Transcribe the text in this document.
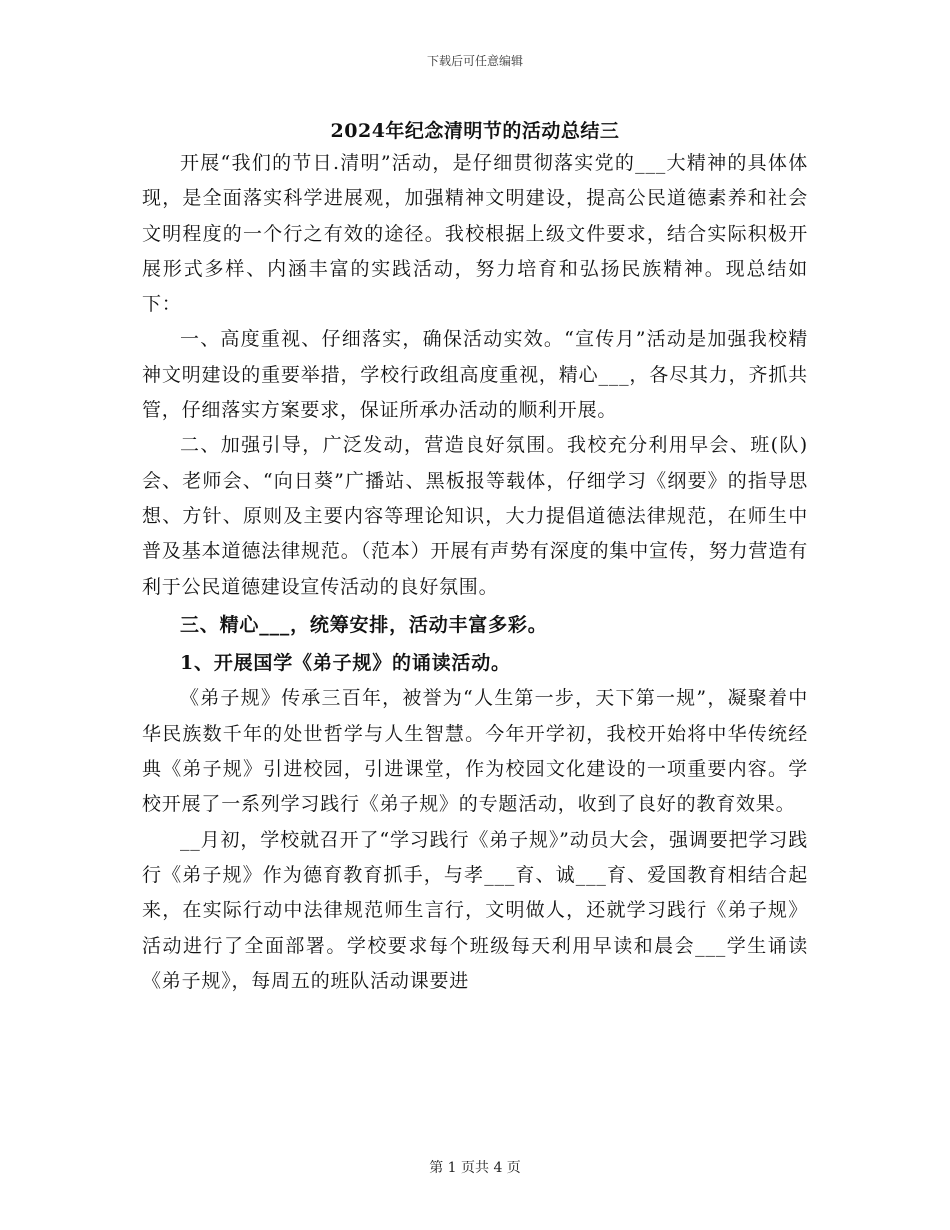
下载后可任意编辑
2024年纪念清明节的活动总结三

开展“我们的节日.清明”活动，是仔细贯彻落实党的___大精神的具体体现，是全面落实科学进展观，加强精神文明建设，提高公民道德素养和社会文明程度的一个行之有效的途径。我校根据上级文件要求，结合实际积极开展形式多样、内涵丰富的实践活动，努力培育和弘扬民族精神。现总结如下：

一、高度重视、仔细落实，确保活动实效。“宣传月”活动是加强我校精神文明建设的重要举措，学校行政组高度重视，精心___，各尽其力，齐抓共管，仔细落实方案要求，保证所承办活动的顺利开展。

二、加强引导，广泛发动，营造良好氛围。我校充分利用早会、班(队)会、老师会、“向日葵”广播站、黑板报等载体，仔细学习《纲要》的指导思想、方针、原则及主要内容等理论知识，大力提倡道德法律规范，在师生中普及基本道德法律规范。（范本）开展有声势有深度的集中宣传，努力营造有利于公民道德建设宣传活动的良好氛围。

三、精心___，统筹安排，活动丰富多彩。

1、开展国学《弟子规》的诵读活动。

《弟子规》传承三百年，被誉为“人生第一步，天下第一规”，凝聚着中华民族数千年的处世哲学与人生智慧。今年开学初，我校开始将中华传统经典《弟子规》引进校园，引进课堂，作为校园文化建设的一项重要内容。学校开展了一系列学习践行《弟子规》的专题活动，收到了良好的教育效果。

__月初，学校就召开了“学习践行《弟子规》”动员大会，强调要把学习践行《弟子规》作为德育教育抓手，与孝___育、诚___育、爱国教育相结合起来，在实际行动中法律规范师生言行，文明做人，还就学习践行《弟子规》活动进行了全面部署。学校要求每个班级每天利用早读和晨会___学生诵读《弟子规》，每周五的班队活动课要进

第 1 页共 4 页
